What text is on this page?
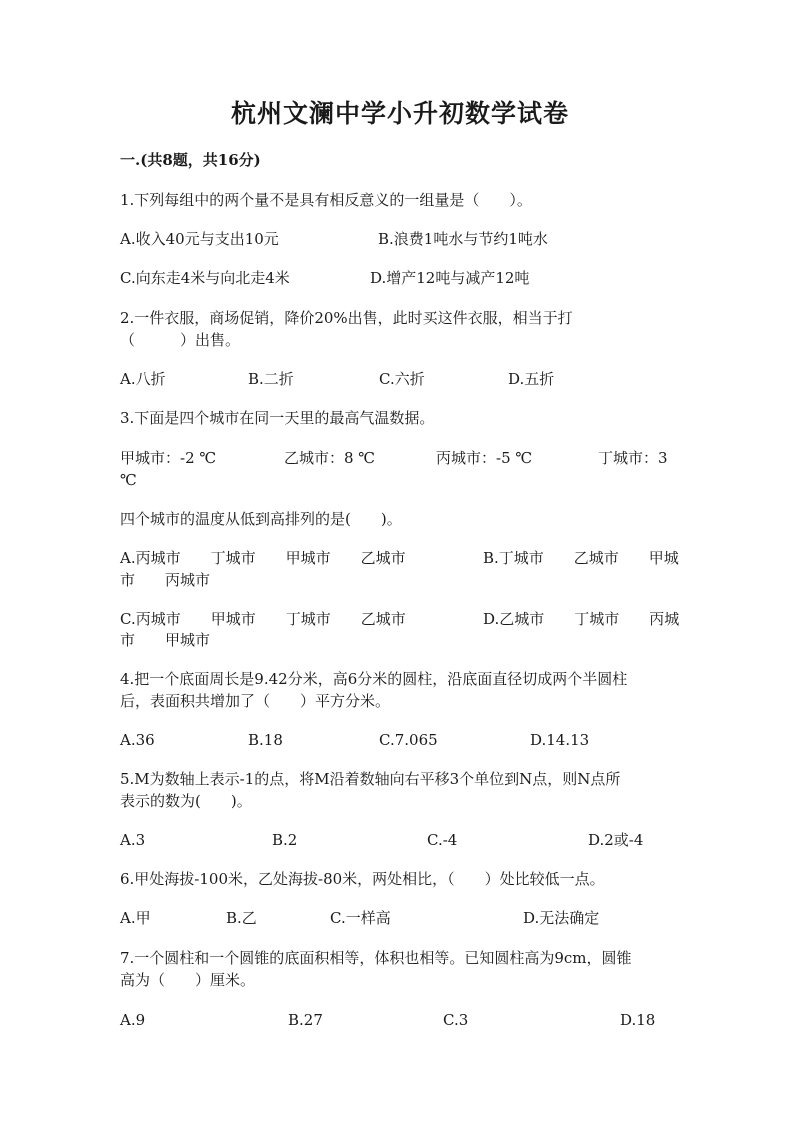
杭州文澜中学小升初数学试卷
一.(共8题，共16分)
1.下列每组中的两个量不是具有相反意义的一组量是（　　）。
A.收入40元与支出10元	B.浪费1吨水与节约1吨水
C.向东走4米与向北走4米	D.增产12吨与减产12吨
2.一件衣服，商场促销，降价20%出售，此时买这件衣服，相当于打
（　　　）出售。
A.八折	B.二折	C.六折	D.五折
3.下面是四个城市在同一天里的最高气温数据。
甲城市：-2 ℃	乙城市：8 ℃	丙城市：-5 ℃	丁城市：3
℃
四个城市的温度从低到高排列的是(　　)。
A.丙城市　　丁城市　　甲城市　　乙城市	B.丁城市　　乙城市　　甲城
市　　丙城市
C.丙城市　　甲城市　　丁城市　　乙城市	D.乙城市　　丁城市　　丙城
市　　甲城市
4.把一个底面周长是9.42分米，高6分米的圆柱，沿底面直径切成两个半圆柱
后，表面积共增加了（　　）平方分米。
A.36	B.18	C.7.065	D.14.13
5.M为数轴上表示-1的点，将M沿着数轴向右平移3个单位到N点，则N点所
表示的数为(　　)。
A.3	B.2	C.-4	D.2或-4
6.甲处海拔-100米，乙处海拔-80米，两处相比，（　　）处比较低一点。
A.甲	B.乙	C.一样高	D.无法确定
7.一个圆柱和一个圆锥的底面积相等，体积也相等。已知圆柱高为9cm，圆锥
高为（　　）厘米。
A.9	B.27	C.3	D.18
